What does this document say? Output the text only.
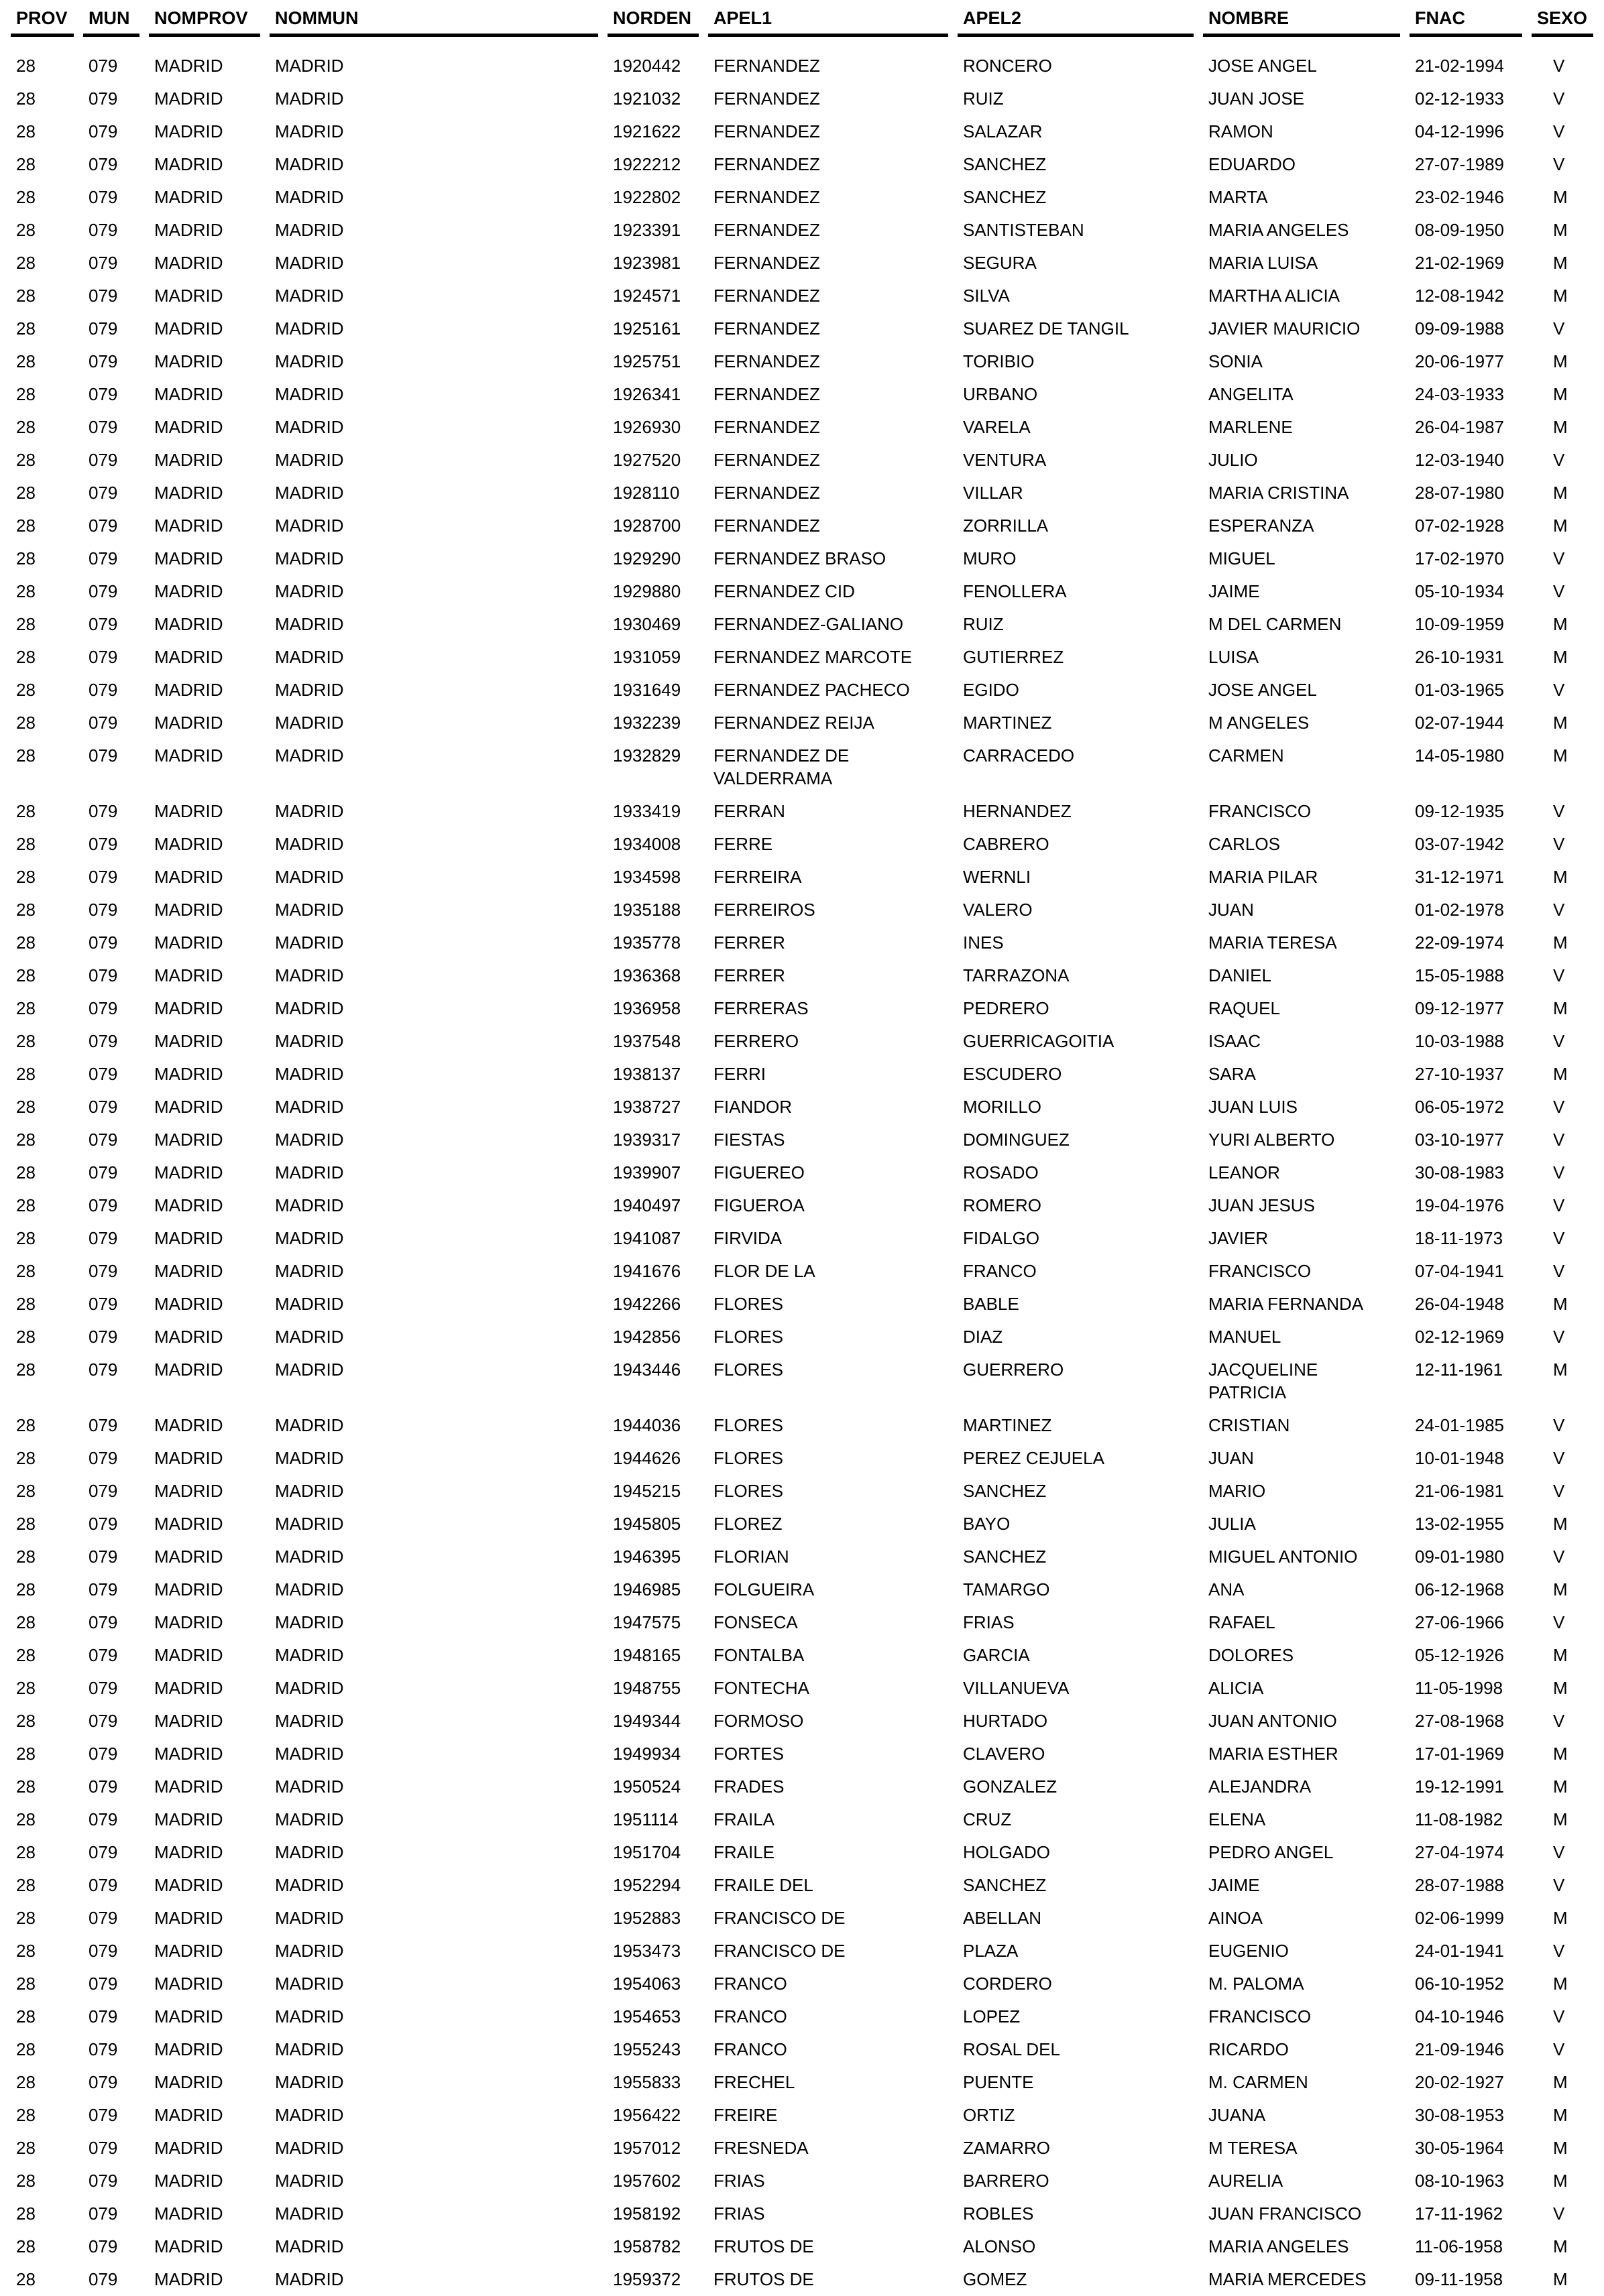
PROV	MUN	NOMPROV	NOMMUN	NORDEN	APEL1	APEL2	NOMBRE	FNAC	SEXO
28	079	MADRID	MADRID	1920442	FERNANDEZ	RONCERO	JOSE ANGEL	21-02-1994	V
28	079	MADRID	MADRID	1921032	FERNANDEZ	RUIZ	JUAN JOSE	02-12-1933	V
28	079	MADRID	MADRID	1921622	FERNANDEZ	SALAZAR	RAMON	04-12-1996	V
28	079	MADRID	MADRID	1922212	FERNANDEZ	SANCHEZ	EDUARDO	27-07-1989	V
28	079	MADRID	MADRID	1922802	FERNANDEZ	SANCHEZ	MARTA	23-02-1946	M
28	079	MADRID	MADRID	1923391	FERNANDEZ	SANTISTEBAN	MARIA ANGELES	08-09-1950	M
28	079	MADRID	MADRID	1923981	FERNANDEZ	SEGURA	MARIA LUISA	21-02-1969	M
28	079	MADRID	MADRID	1924571	FERNANDEZ	SILVA	MARTHA ALICIA	12-08-1942	M
28	079	MADRID	MADRID	1925161	FERNANDEZ	SUAREZ DE TANGIL	JAVIER MAURICIO	09-09-1988	V
28	079	MADRID	MADRID	1925751	FERNANDEZ	TORIBIO	SONIA	20-06-1977	M
28	079	MADRID	MADRID	1926341	FERNANDEZ	URBANO	ANGELITA	24-03-1933	M
28	079	MADRID	MADRID	1926930	FERNANDEZ	VARELA	MARLENE	26-04-1987	M
28	079	MADRID	MADRID	1927520	FERNANDEZ	VENTURA	JULIO	12-03-1940	V
28	079	MADRID	MADRID	1928110	FERNANDEZ	VILLAR	MARIA CRISTINA	28-07-1980	M
28	079	MADRID	MADRID	1928700	FERNANDEZ	ZORRILLA	ESPERANZA	07-02-1928	M
28	079	MADRID	MADRID	1929290	FERNANDEZ BRASO	MURO	MIGUEL	17-02-1970	V
28	079	MADRID	MADRID	1929880	FERNANDEZ CID	FENOLLERA	JAIME	05-10-1934	V
28	079	MADRID	MADRID	1930469	FERNANDEZ-GALIANO	RUIZ	M DEL CARMEN	10-09-1959	M
28	079	MADRID	MADRID	1931059	FERNANDEZ MARCOTE	GUTIERREZ	LUISA	26-10-1931	M
28	079	MADRID	MADRID	1931649	FERNANDEZ PACHECO	EGIDO	JOSE ANGEL	01-03-1965	V
28	079	MADRID	MADRID	1932239	FERNANDEZ REIJA	MARTINEZ	M ANGELES	02-07-1944	M
28	079	MADRID	MADRID	1932829	FERNANDEZ DE VALDERRAMA	CARRACEDO	CARMEN	14-05-1980	M
28	079	MADRID	MADRID	1933419	FERRAN	HERNANDEZ	FRANCISCO	09-12-1935	V
28	079	MADRID	MADRID	1934008	FERRE	CABRERO	CARLOS	03-07-1942	V
28	079	MADRID	MADRID	1934598	FERREIRA	WERNLI	MARIA PILAR	31-12-1971	M
28	079	MADRID	MADRID	1935188	FERREIROS	VALERO	JUAN	01-02-1978	V
28	079	MADRID	MADRID	1935778	FERRER	INES	MARIA TERESA	22-09-1974	M
28	079	MADRID	MADRID	1936368	FERRER	TARRAZONA	DANIEL	15-05-1988	V
28	079	MADRID	MADRID	1936958	FERRERAS	PEDRERO	RAQUEL	09-12-1977	M
28	079	MADRID	MADRID	1937548	FERRERO	GUERRICAGOITIA	ISAAC	10-03-1988	V
28	079	MADRID	MADRID	1938137	FERRI	ESCUDERO	SARA	27-10-1937	M
28	079	MADRID	MADRID	1938727	FIANDOR	MORILLO	JUAN LUIS	06-05-1972	V
28	079	MADRID	MADRID	1939317	FIESTAS	DOMINGUEZ	YURI ALBERTO	03-10-1977	V
28	079	MADRID	MADRID	1939907	FIGUEREO	ROSADO	LEANOR	30-08-1983	V
28	079	MADRID	MADRID	1940497	FIGUEROA	ROMERO	JUAN JESUS	19-04-1976	V
28	079	MADRID	MADRID	1941087	FIRVIDA	FIDALGO	JAVIER	18-11-1973	V
28	079	MADRID	MADRID	1941676	FLOR DE LA	FRANCO	FRANCISCO	07-04-1941	V
28	079	MADRID	MADRID	1942266	FLORES	BABLE	MARIA FERNANDA	26-04-1948	M
28	079	MADRID	MADRID	1942856	FLORES	DIAZ	MANUEL	02-12-1969	V
28	079	MADRID	MADRID	1943446	FLORES	GUERRERO	JACQUELINE PATRICIA	12-11-1961	M
28	079	MADRID	MADRID	1944036	FLORES	MARTINEZ	CRISTIAN	24-01-1985	V
28	079	MADRID	MADRID	1944626	FLORES	PEREZ CEJUELA	JUAN	10-01-1948	V
28	079	MADRID	MADRID	1945215	FLORES	SANCHEZ	MARIO	21-06-1981	V
28	079	MADRID	MADRID	1945805	FLOREZ	BAYO	JULIA	13-02-1955	M
28	079	MADRID	MADRID	1946395	FLORIAN	SANCHEZ	MIGUEL ANTONIO	09-01-1980	V
28	079	MADRID	MADRID	1946985	FOLGUEIRA	TAMARGO	ANA	06-12-1968	M
28	079	MADRID	MADRID	1947575	FONSECA	FRIAS	RAFAEL	27-06-1966	V
28	079	MADRID	MADRID	1948165	FONTALBA	GARCIA	DOLORES	05-12-1926	M
28	079	MADRID	MADRID	1948755	FONTECHA	VILLANUEVA	ALICIA	11-05-1998	M
28	079	MADRID	MADRID	1949344	FORMOSO	HURTADO	JUAN ANTONIO	27-08-1968	V
28	079	MADRID	MADRID	1949934	FORTES	CLAVERO	MARIA ESTHER	17-01-1969	M
28	079	MADRID	MADRID	1950524	FRADES	GONZALEZ	ALEJANDRA	19-12-1991	M
28	079	MADRID	MADRID	1951114	FRAILA	CRUZ	ELENA	11-08-1982	M
28	079	MADRID	MADRID	1951704	FRAILE	HOLGADO	PEDRO ANGEL	27-04-1974	V
28	079	MADRID	MADRID	1952294	FRAILE DEL	SANCHEZ	JAIME	28-07-1988	V
28	079	MADRID	MADRID	1952883	FRANCISCO DE	ABELLAN	AINOA	02-06-1999	M
28	079	MADRID	MADRID	1953473	FRANCISCO DE	PLAZA	EUGENIO	24-01-1941	V
28	079	MADRID	MADRID	1954063	FRANCO	CORDERO	M. PALOMA	06-10-1952	M
28	079	MADRID	MADRID	1954653	FRANCO	LOPEZ	FRANCISCO	04-10-1946	V
28	079	MADRID	MADRID	1955243	FRANCO	ROSAL DEL	RICARDO	21-09-1946	V
28	079	MADRID	MADRID	1955833	FRECHEL	PUENTE	M. CARMEN	20-02-1927	M
28	079	MADRID	MADRID	1956422	FREIRE	ORTIZ	JUANA	30-08-1953	M
28	079	MADRID	MADRID	1957012	FRESNEDA	ZAMARRO	M TERESA	30-05-1964	M
28	079	MADRID	MADRID	1957602	FRIAS	BARRERO	AURELIA	08-10-1963	M
28	079	MADRID	MADRID	1958192	FRIAS	ROBLES	JUAN FRANCISCO	17-11-1962	V
28	079	MADRID	MADRID	1958782	FRUTOS DE	ALONSO	MARIA ANGELES	11-06-1958	M
28	079	MADRID	MADRID	1959372	FRUTOS DE	GOMEZ	MARIA MERCEDES	09-11-1958	M
